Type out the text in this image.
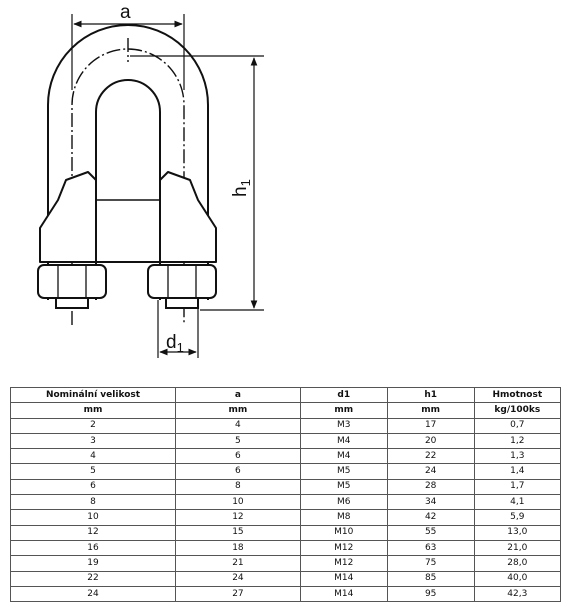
a
$h_1$
$d_1$
Nominální velikost	a	d1	h1	Hmotnost
mm	mm	mm	mm	kg/100ks
2	4	M3	17	0,7
3	5	M4	20	1,2
4	6	M4	22	1,3
5	6	M5	24	1,4
6	8	M5	28	1,7
8	10	M6	34	4,1
10	12	M8	42	5,9
12	15	M10	55	13,0
16	18	M12	63	21,0
19	21	M12	75	28,0
22	24	M14	85	40,0
24	27	M14	95	42,3
